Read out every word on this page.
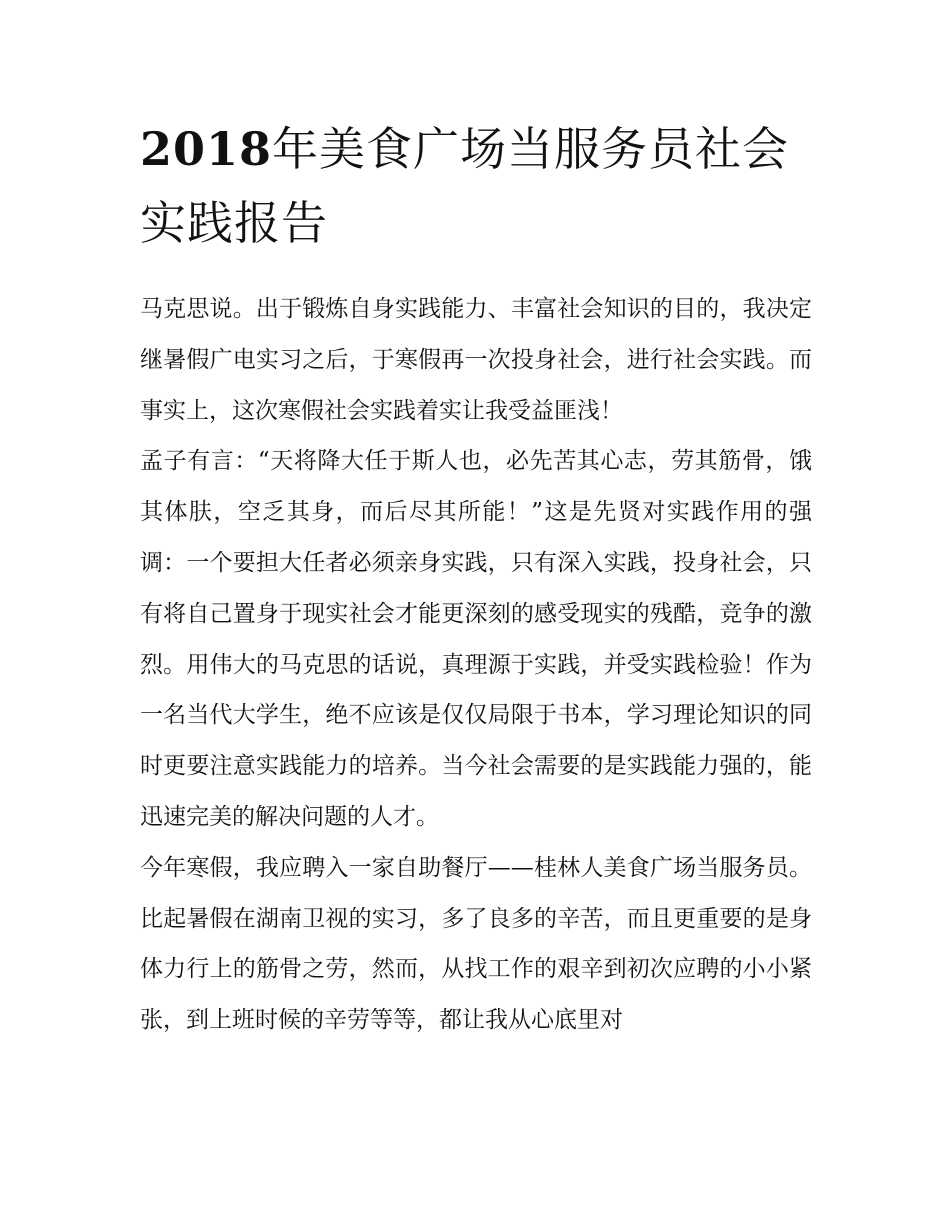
2018年美食广场当服务员社会实践报告

马克思说。出于锻炼自身实践能力、丰富社会知识的目的，我决定继暑假广电实习之后，于寒假再一次投身社会，进行社会实践。而事实上，这次寒假社会实践着实让我受益匪浅！

孟子有言：“天将降大任于斯人也，必先苦其心志，劳其筋骨，饿其体肤，空乏其身，而后尽其所能！”这是先贤对实践作用的强调：一个要担大任者必须亲身实践，只有深入实践，投身社会，只有将自己置身于现实社会才能更深刻的感受现实的残酷，竞争的激烈。用伟大的马克思的话说，真理源于实践，并受实践检验！作为一名当代大学生，绝不应该是仅仅局限于书本，学习理论知识的同时更要注意实践能力的培养。当今社会需要的是实践能力强的，能迅速完美的解决问题的人才。

今年寒假，我应聘入一家自助餐厅——桂林人美食广场当服务员。比起暑假在湖南卫视的实习，多了良多的辛苦，而且更重要的是身体力行上的筋骨之劳，然而，从找工作的艰辛到初次应聘的小小紧张，到上班时候的辛劳等等，都让我从心底里对
